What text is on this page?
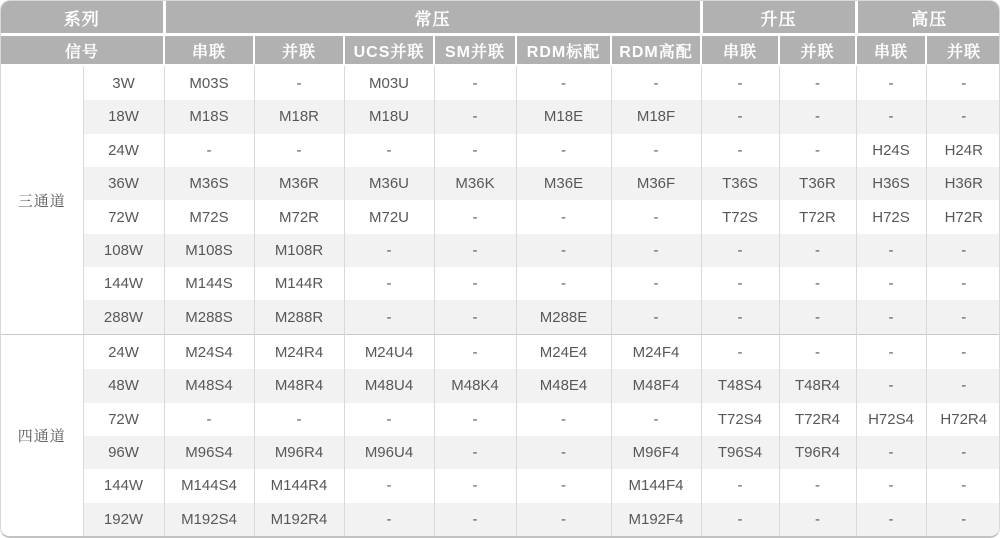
系列		常压						升压		高压	
信号		串联	并联	UCS并联	SM并联	RDM标配	RDM高配	串联	并联	串联	并联
三通道	3W	M03S	-	M03U	-	-	-	-	-	-	-
	18W	M18S	M18R	M18U	-	M18E	M18F	-	-	-	-
	24W	-	-	-	-	-	-	-	-	H24S	H24R
	36W	M36S	M36R	M36U	M36K	M36E	M36F	T36S	T36R	H36S	H36R
	72W	M72S	M72R	M72U	-	-	-	T72S	T72R	H72S	H72R
	108W	M108S	M108R	-	-	-	-	-	-	-	-
	144W	M144S	M144R	-	-	-	-	-	-	-	-
	288W	M288S	M288R	-	-	M288E	-	-	-	-	-
四通道	24W	M24S4	M24R4	M24U4	-	M24E4	M24F4	-	-	-	-
	48W	M48S4	M48R4	M48U4	M48K4	M48E4	M48F4	T48S4	T48R4	-	-
	72W	-	-	-	-	-	-	T72S4	T72R4	H72S4	H72R4
	96W	M96S4	M96R4	M96U4	-	-	M96F4	T96S4	T96R4	-	-
	144W	M144S4	M144R4	-	-	-	M144F4	-	-	-	-
	192W	M192S4	M192R4	-	-	-	M192F4	-	-	-	-
